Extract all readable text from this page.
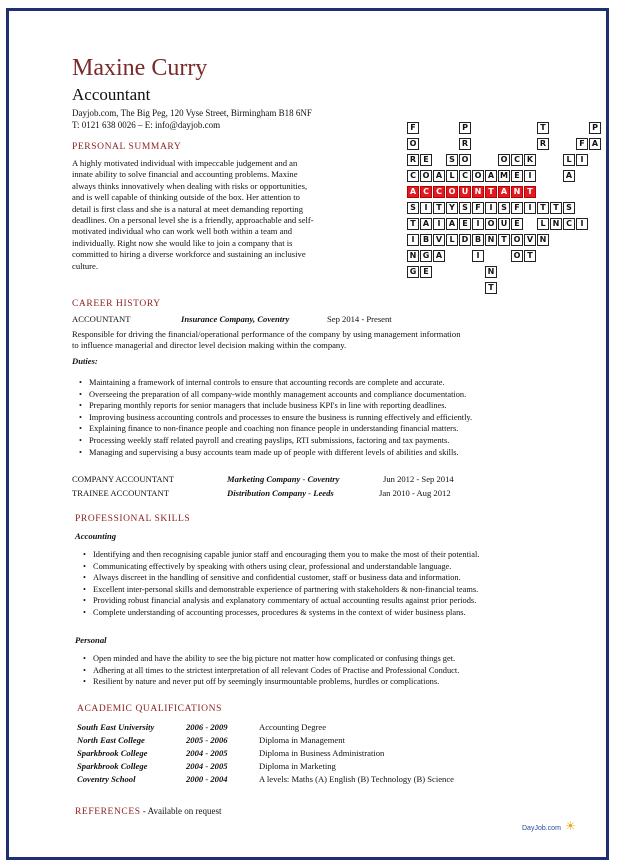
Maxine Curry
Accountant
Dayjob.com, The Big Peg, 120 Vyse Street, Birmingham B18 6NF
T: 0121 638 0026 – E: info@dayjob.com
PERSONAL SUMMARY
A highly motivated individual with impeccable judgement and an
innate ability to solve financial and accounting problems. Maxine
always thinks innovatively when dealing with risks or opportunities,
and is well capable of thinking outside of the box. Her attention to
detail is first class and she is a natural at meet demanding reporting
deadlines. On a personal level she is a friendly, approachable and self-
motivated individual who can work well both within a team and
individually. Right now she would like to join a company that is
committed to hiring a diverse workforce and sustaining an inclusive
culture.
F	P	T	P
O	R	R	F A
R E	S O	O C K	L	I
C O A L C O A M E	I	A
A C C O U N T A N T
S	I	T Y S F	I	S F	I	T T S
T A	I	A E	I	O U E	L N C	I
I	B V L D B N T O V N
N G A	I	O T
G E	N
T
CAREER HISTORY
ACCOUNTANT	Insurance Company, Coventry	Sep 2014 - Present
Responsible for driving the financial/operational performance of the company by using management information
to influence managerial and director level decision making within the company.
Duties:
• Maintaining a framework of internal controls to ensure that accounting records are complete and accurate.
• Overseeing the preparation of all company-wide monthly management accounts and compliance documentation.
• Preparing monthly reports for senior managers that include business KPI's in line with reporting deadlines.
• Improving business accounting controls and processes to ensure the business is running effectively and efficiently.
• Explaining finance to non-finance people and coaching non finance people in understanding financial matters.
• Processing weekly staff related payroll and creating payslips, RTI submissions, factoring and tax payments.
• Managing and supervising a busy accounts team made up of people with different levels of abilities and skills.
COMPANY ACCOUNTANT	Marketing Company - Coventry	Jun 2012 - Sep 2014
TRAINEE ACCOUNTANT	Distribution Company - Leeds	Jan 2010 - Aug 2012
PROFESSIONAL SKILLS
Accounting
• Identifying and then recognising capable junior staff and encouraging them you to make the most of their potential.
• Communicating effectively by speaking with others using clear, professional and understandable language.
• Always discreet in the handling of sensitive and confidential customer, staff or business data and information.
• Excellent inter-personal skills and demonstrable experience of partnering with stakeholders & non-financial teams.
• Providing robust financial analysis and explanatory commentary of actual accounting results against prior periods.
• Complete understanding of accounting processes, procedures & systems in the context of wider business plans.
Personal
• Open minded and have the ability to see the big picture not matter how complicated or confusing things get.
• Adhering at all times to the strictest interpretation of all relevant Codes of Practise and Professional Conduct.
• Resilient by nature and never put off by seemingly insurmountable problems, hurdles or complications.
ACADEMIC QUALIFICATIONS
South East University	2006 - 2009	Accounting Degree
North East College	2005 - 2006	Diploma in Management
Sparkbrook College	2004 - 2005	Diploma in Business Administration
Sparkbrook College	2004 - 2005	Diploma in Marketing
Coventry School	2000 - 2004	A levels: Maths (A) English (B) Technology (B) Science
REFERENCES - Available on request
DayJob.com ☀
